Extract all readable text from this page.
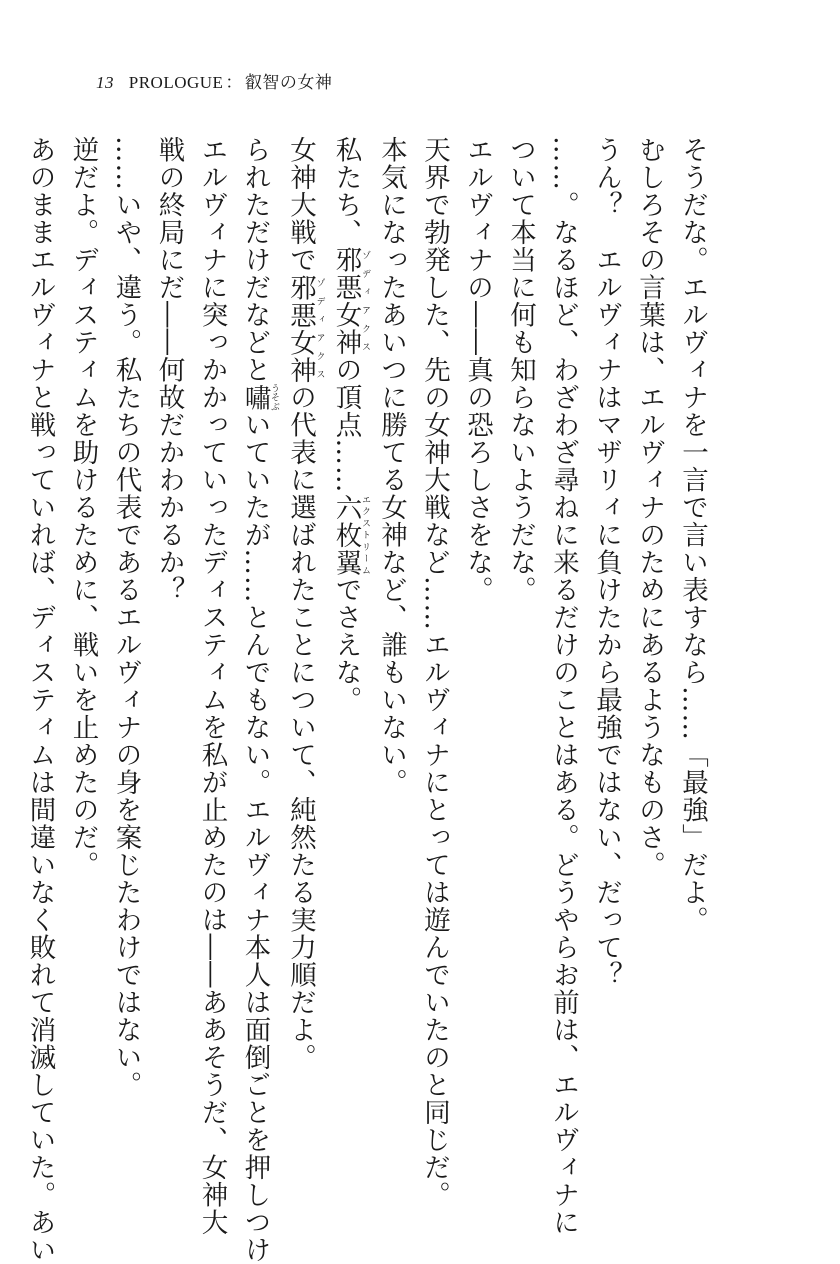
13 PROLOGUE ： 叡智の女神
そうだな。エルヴィナを一言で言い表すなら……「最強」だよ。
むしろその言葉は、エルヴィナのためにあるようなものさ。
うん？　エルヴィナはマザリィに負けたから最強ではない、だって？
……。なるほど、わざわざ尋ねに来るだけのことはある。どうやらお前は、エルヴィナに
ついて本当に何も知らないようだな。
エルヴィナの――真の恐ろしさをな。
天界で勃発した、先の女神大戦など……エルヴィナにとっては遊んでいたのと同じだ。
本気になったあいつに勝てる女神など、誰もいない。
私たち、邪悪女神ゾディアクスの頂点……六枚翼エクストリームでさえな。
女神大戦で邪悪女神ゾディアクスの代表に選ばれたことについて、純然たる実力順だよ。
られただけだなどと嘯うそぶいていたが……とんでもない。エルヴィナ本人は面倒ごとを押しつけ
エルヴィナに突っかかっていったディスティムを私が止めたのは――ああそうだ、女神大
戦の終局にだ――何故だかわかるか？
……いや、違う。私たちの代表であるエルヴィナの身を案じたわけではない。
逆だよ。ディスティムを助けるために、戦いを止めたのだ。
あのままエルヴィナと戦っていれば、ディスティムは間違いなく敗れて消滅していた。あい
